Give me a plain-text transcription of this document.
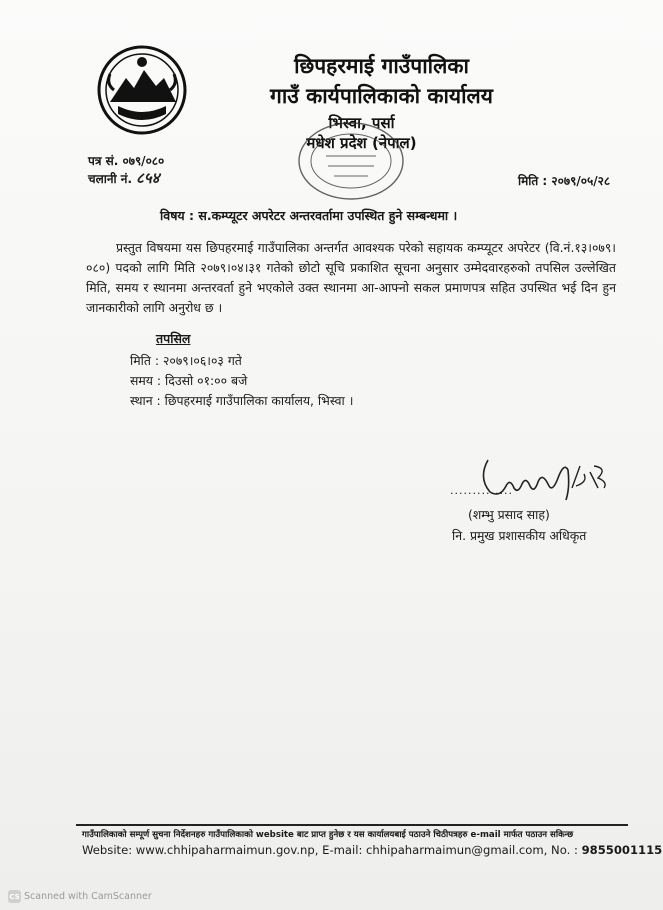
छिपहरमाई गाउँपालिका
गाउँ कार्यपालिकाको कार्यालय
भिस्वा, पर्सा
मधेश प्रदेश (नेपाल)
पत्र सं. ०७९/०८०
चलानी नं. ८५४	मिति : २०७९/०५/२८
विषय : स.कम्प्यूटर अपरेटर अन्तरवर्तामा उपस्थित हुने सम्बन्धमा ।
प्रस्तुत विषयमा यस छिपहरमाई गाउँपालिका अन्तर्गत आवश्यक परेको सहायक कम्प्यूटर अपरेटर (वि.नं.१३।०७९।०८०) पदको लागि मिति २०७९।०४।३१ गतेको छोटो सूचि प्रकाशित सूचना अनुसार उम्मेदवारहरुको तपसिल उल्लेखित मिति, समय र स्थानमा अन्तरवर्ता हुने भएकोले उक्त स्थानमा आ-आफ्नो सकल प्रमाणपत्र सहित उपस्थित भई दिन हुन जानकारीको लागि अनुरोध छ ।
तपसिल
मिति : २०७९।०६।०३ गते
समय : दिउसो ०१:०० बजे
स्थान : छिपहरमाई गाउँपालिका कार्यालय, भिस्वा ।
..............
(शम्भु प्रसाद साह)
नि. प्रमुख प्रशासकीय अधिकृत
गाउँपालिकाको सम्पूर्ण सुचना निर्देशनहरु गाउँपालिकाको website बाट प्राप्त हुनेछ र यस कार्यालयबाई पठाउने चिठीपत्रहरु e-mail मार्फत पठाउन सकिन्छ
Website: www.chhipaharmaimun.gov.np, E-mail: chhipaharmaimun@gmail.com, No. : 9855001115
CS Scanned with CamScanner
